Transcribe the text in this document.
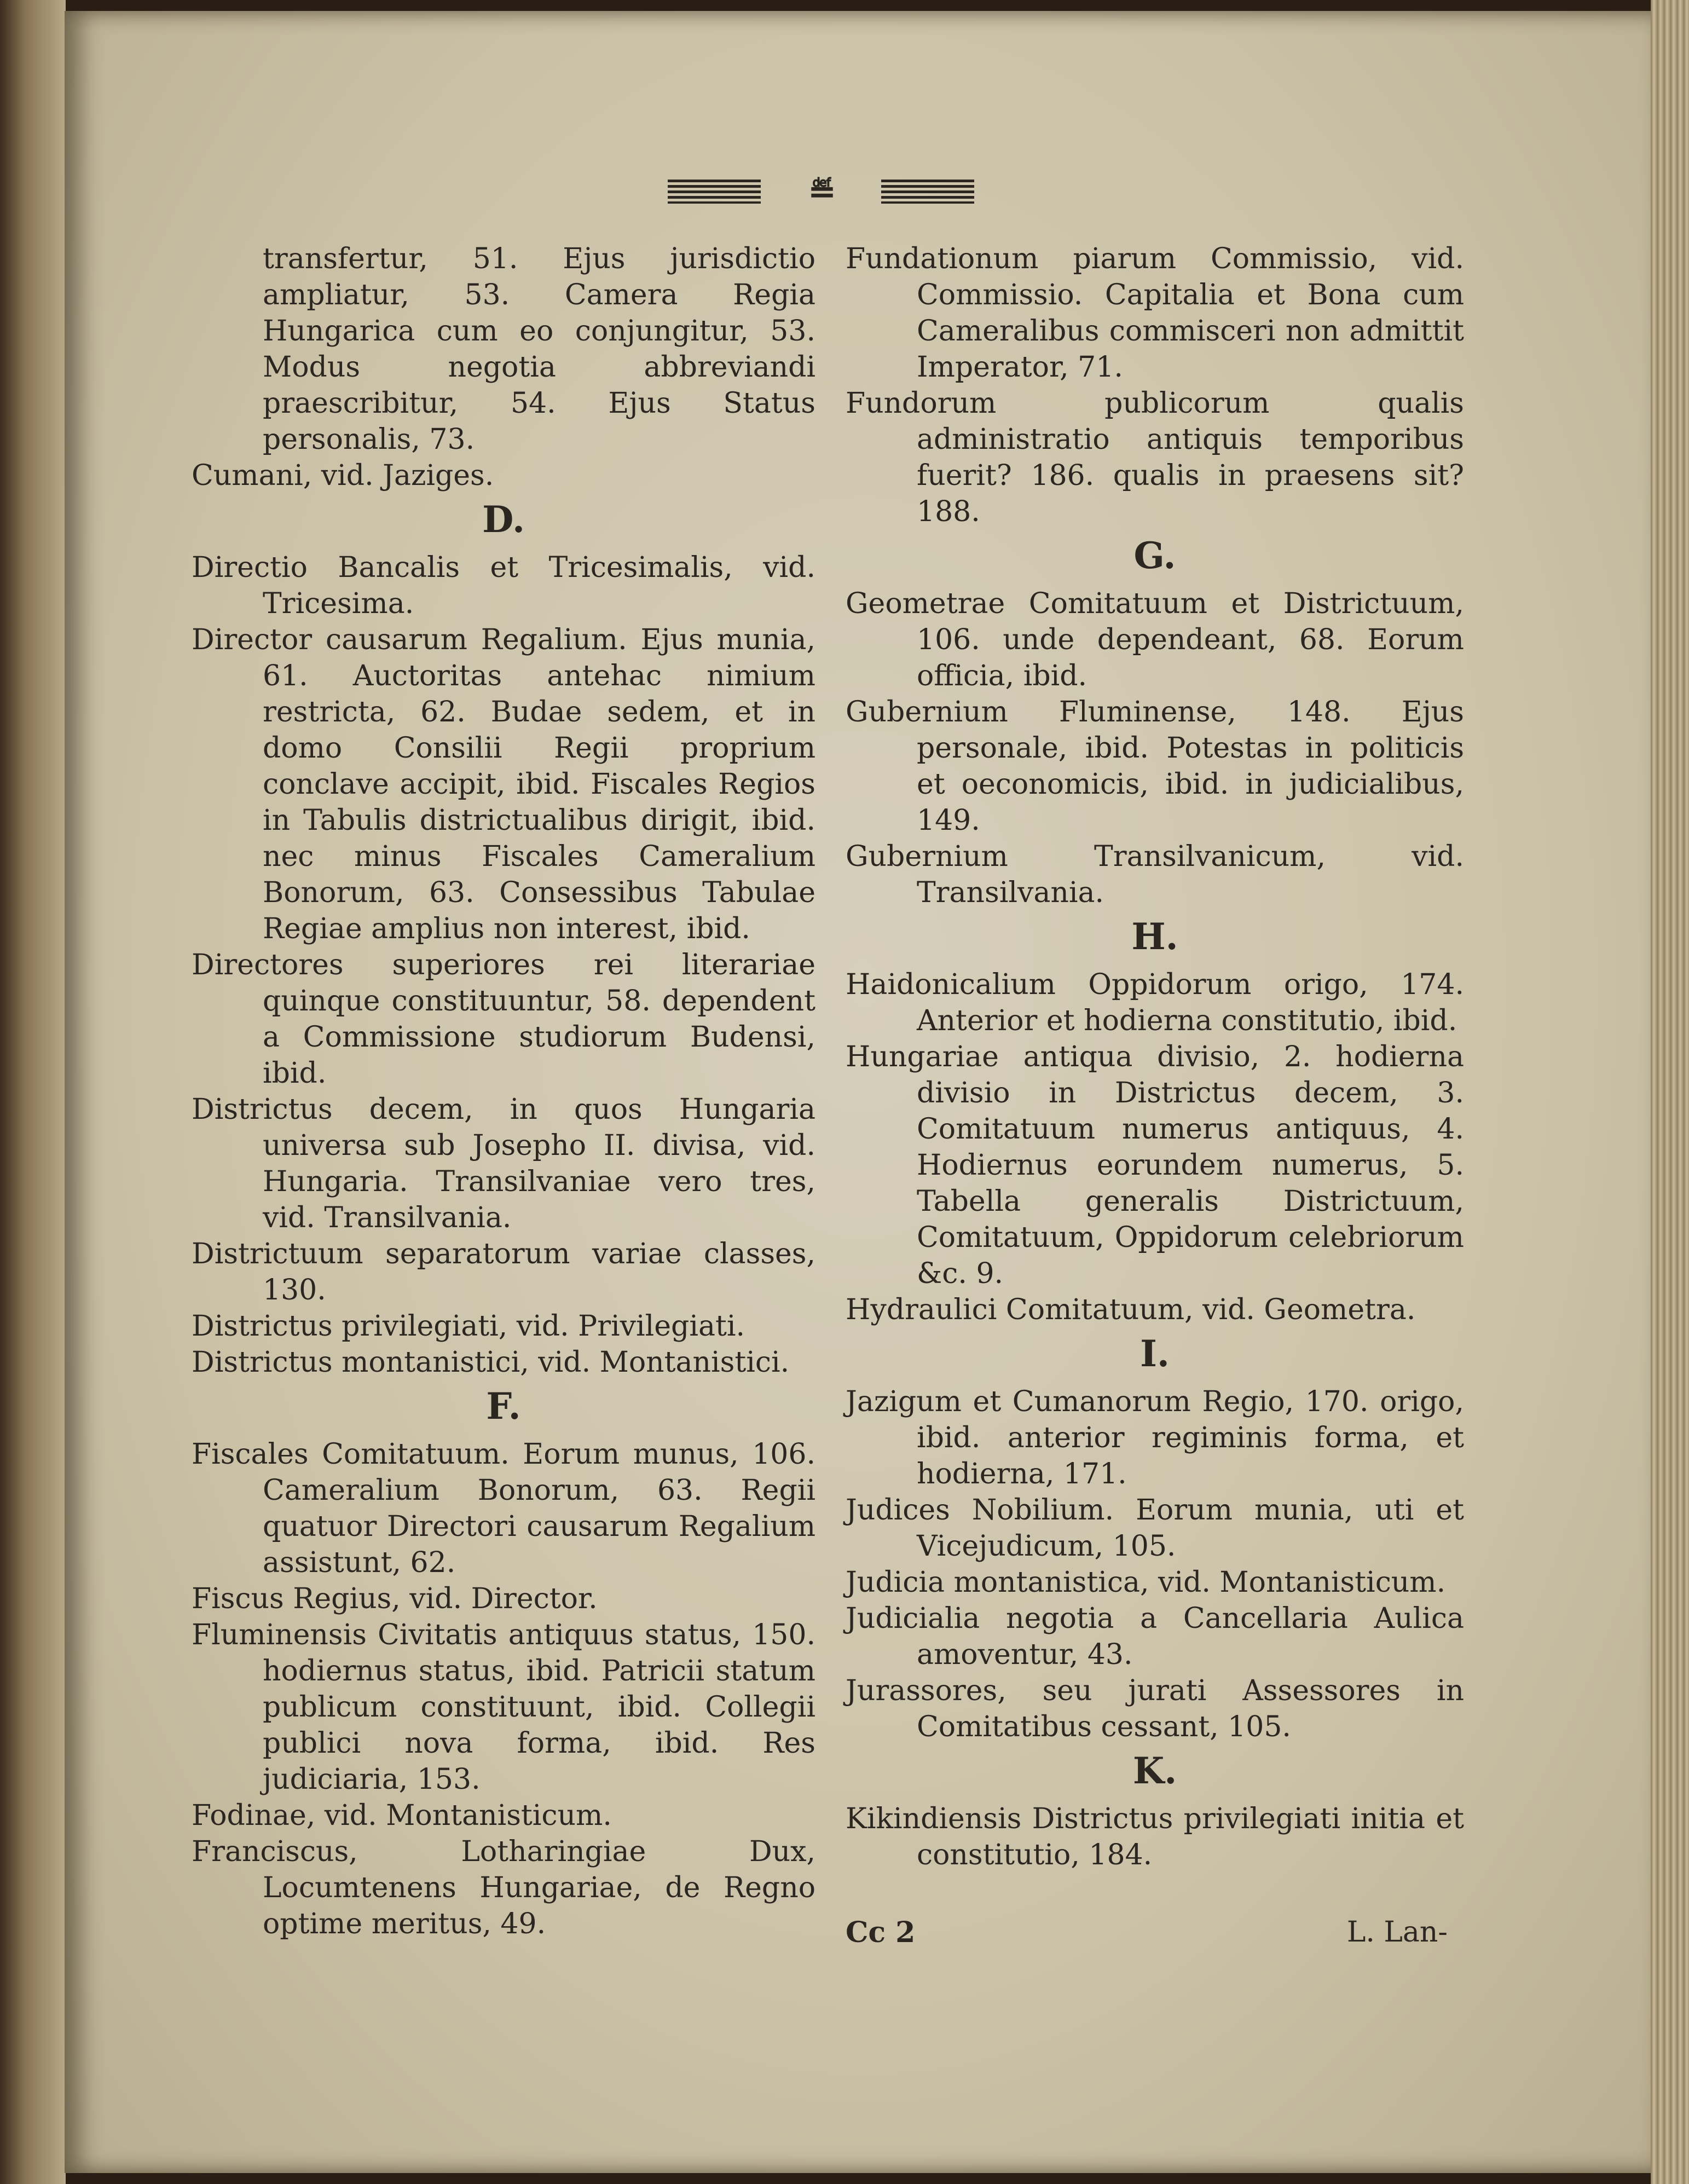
≝

transfertur, 51. Ejus jurisdictio ampliatur, 53. Camera Regia Hungarica cum eo conjungitur, 53. Modus negotia abbreviandi praescribitur, 54. Ejus Status personalis, 73.

Cumani, vid. Jaziges.

D.

Directio Bancalis et Tricesimalis, vid. Tricesima.

Director causarum Regalium. Ejus munia, 61. Auctoritas antehac nimium restricta, 62. Budae sedem, et in domo Consilii Regii proprium conclave accipit, ibid. Fiscales Regios in Tabulis districtualibus dirigit, ibid. nec minus Fiscales Cameralium Bonorum, 63. Consessibus Tabulae Regiae amplius non interest, ibid.

Directores superiores rei literariae quinque constituuntur, 58. dependent a Commissione studiorum Budensi, ibid.

Districtus decem, in quos Hungaria universa sub Josepho II. divisa, vid. Hungaria. Transilvaniae vero tres, vid. Transilvania.

Districtuum separatorum variae classes, 130.

Districtus privilegiati, vid. Privilegiati.

Districtus montanistici, vid. Montanistici.

F.

Fiscales Comitatuum. Eorum munus, 106. Cameralium Bonorum, 63. Regii quatuor Directori causarum Regalium assistunt, 62.

Fiscus Regius, vid. Director.

Fluminensis Civitatis antiquus status, 150. hodiernus status, ibid. Patricii statum publicum constituunt, ibid. Collegii publici nova forma, ibid. Res judiciaria, 153.

Fodinae, vid. Montanisticum.

Franciscus, Lotharingiae Dux, Locumtenens Hungariae, de Regno optime meritus, 49.

Fundationum piarum Commissio, vid. Commissio. Capitalia et Bona cum Cameralibus commisceri non admittit Imperator, 71.

Fundorum publicorum qualis administratio antiquis temporibus fuerit? 186. qualis in praesens sit? 188.

G.

Geometrae Comitatuum et Districtuum, 106. unde dependeant, 68. Eorum officia, ibid.

Gubernium Fluminense, 148. Ejus personale, ibid. Potestas in politicis et oeconomicis, ibid. in judicialibus, 149.

Gubernium Transilvanicum, vid. Transilvania.

H.

Haidonicalium Oppidorum origo, 174. Anterior et hodierna constitutio, ibid.

Hungariae antiqua divisio, 2. hodierna divisio in Districtus decem, 3. Comitatuum numerus antiquus, 4. Hodiernus eorundem numerus, 5. Tabella generalis Districtuum, Comitatuum, Oppidorum celebriorum &c. 9.

Hydraulici Comitatuum, vid. Geometra.

I.

Jazigum et Cumanorum Regio, 170. origo, ibid. anterior regiminis forma, et hodierna, 171.

Judices Nobilium. Eorum munia, uti et Vicejudicum, 105.

Judicia montanistica, vid. Montanisticum.

Judicialia negotia a Cancellaria Aulica amoventur, 43.

Jurassores, seu jurati Assessores in Comitatibus cessant, 105.

K.

Kikindiensis Districtus privilegiati initia et constitutio, 184.

Cc 2	L. Lan-
